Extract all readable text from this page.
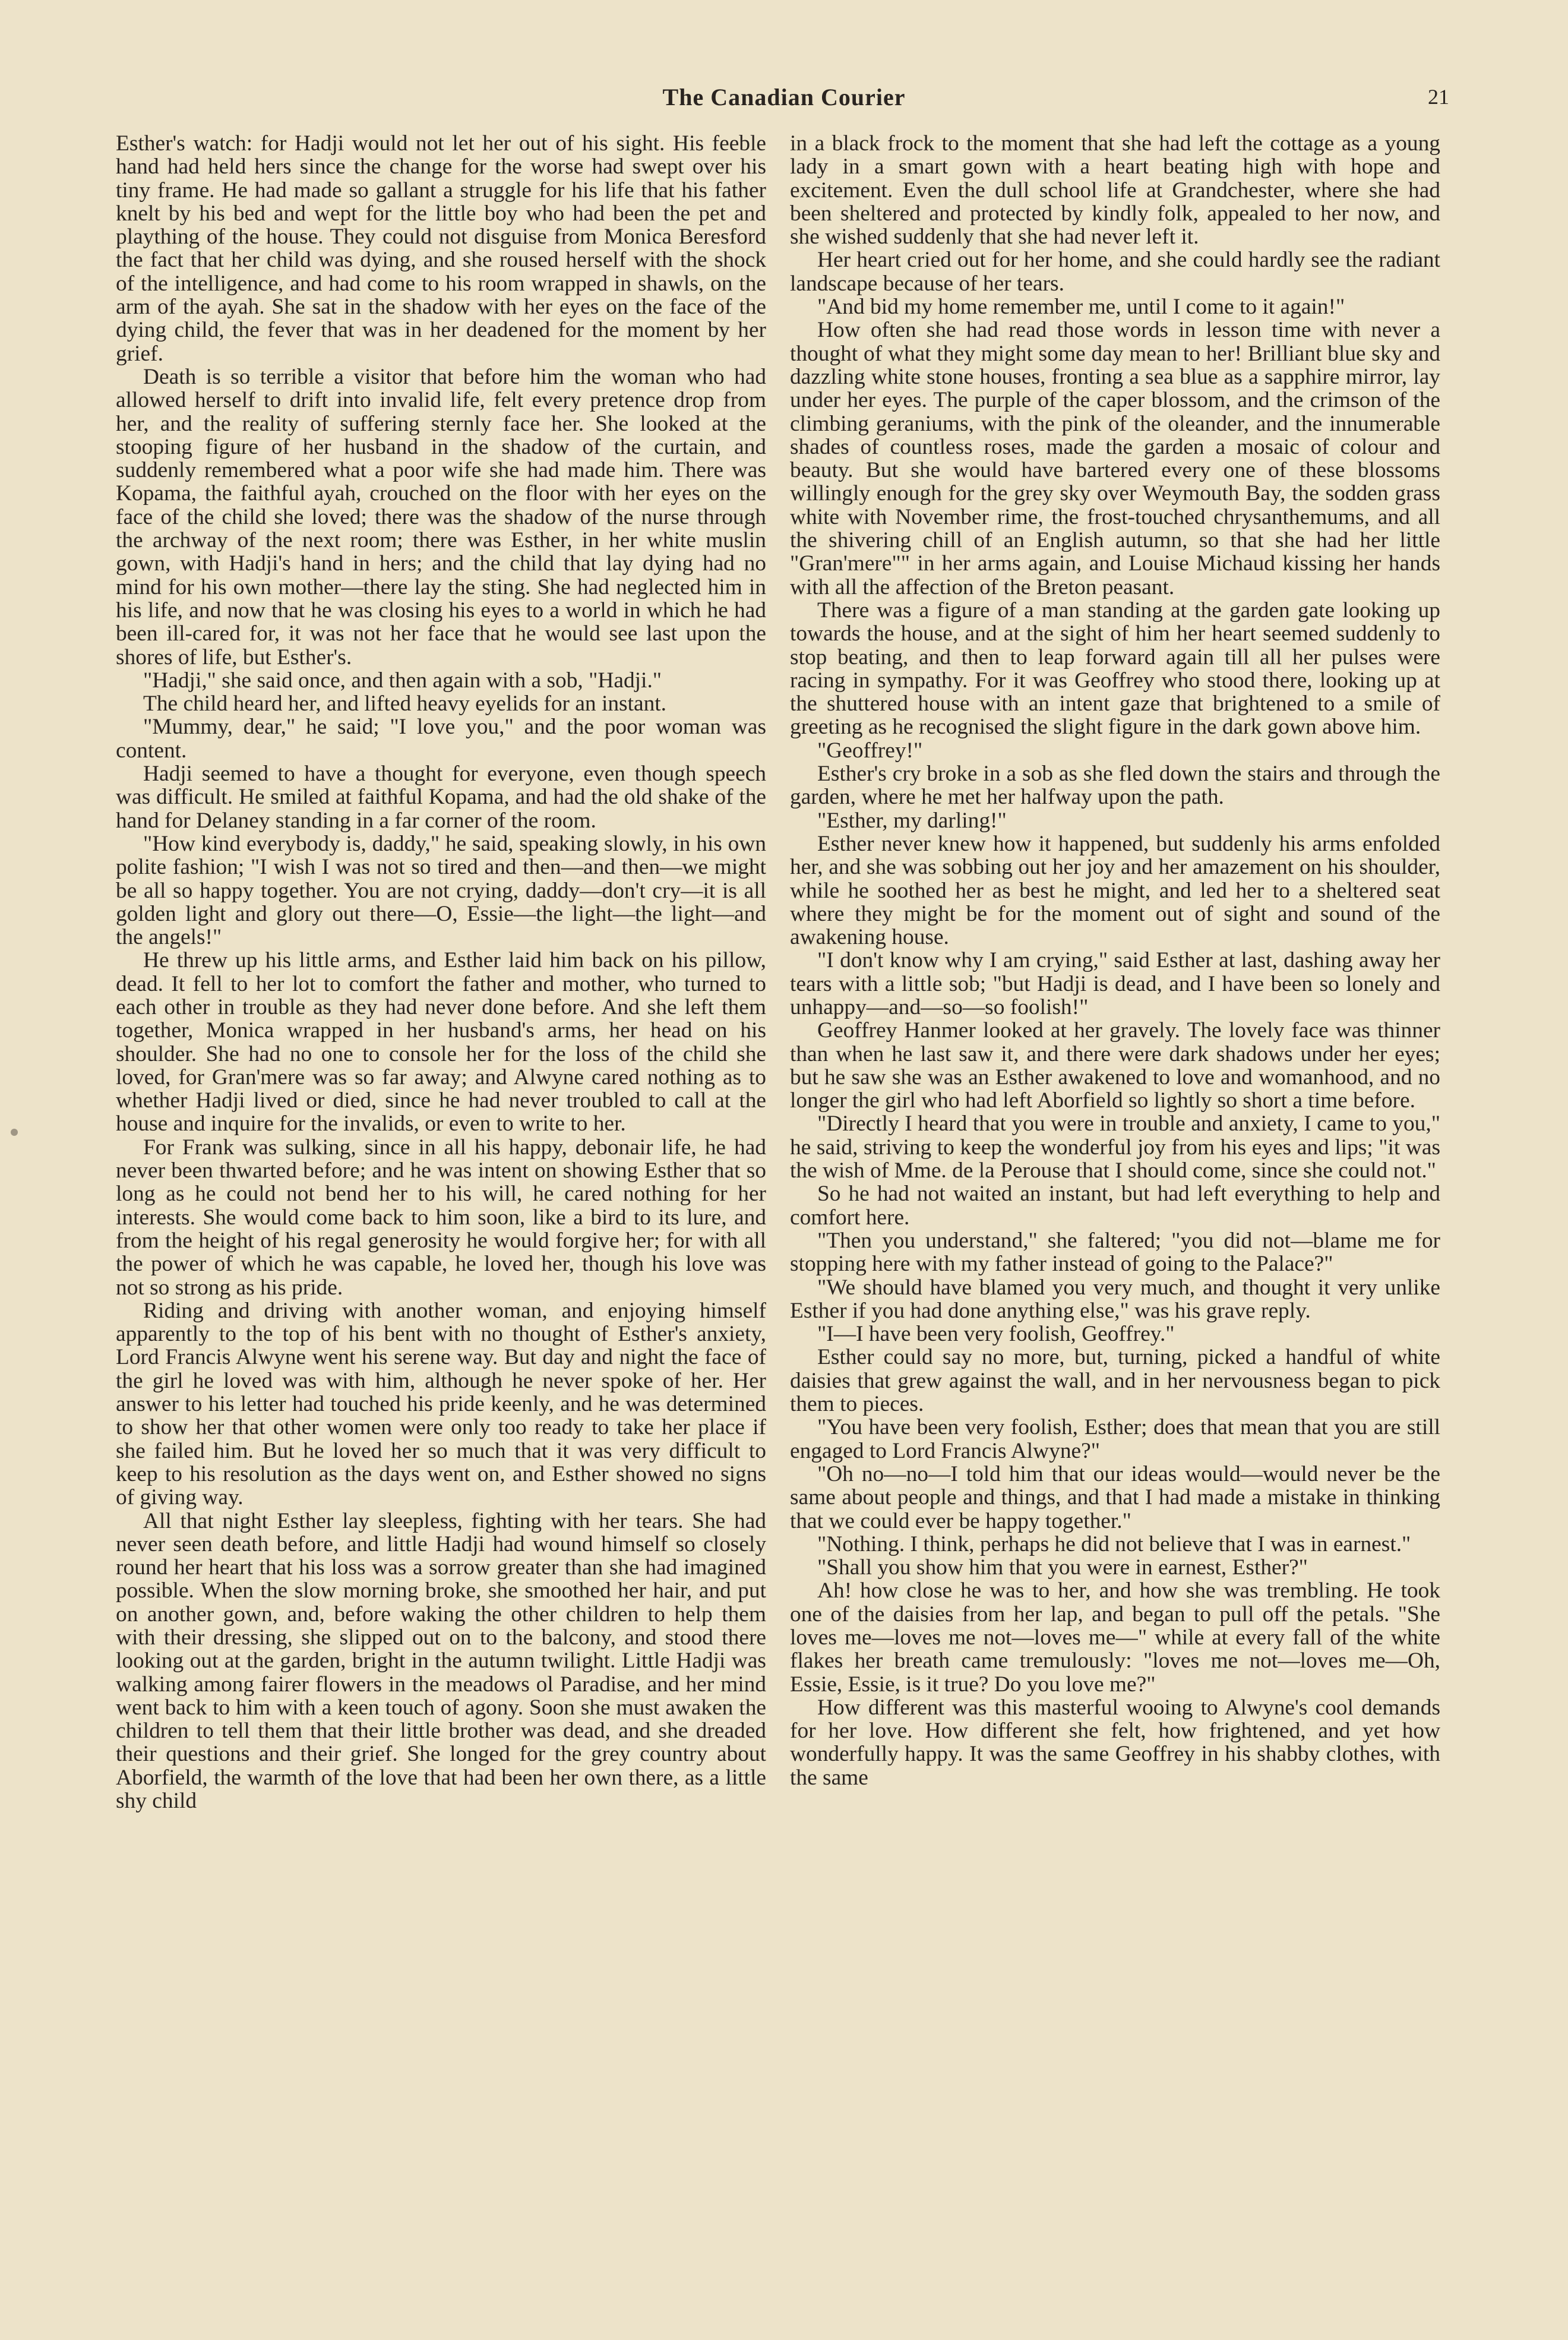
The Canadian Courier	21

Esther's watch: for Hadji would not let her out of his sight. His feeble hand had held hers since the change for the worse had swept over his tiny frame. He had made so gallant a struggle for his life that his father knelt by his bed and wept for the little boy who had been the pet and plaything of the house. They could not disguise from Monica Beresford the fact that her child was dying, and she roused herself with the shock of the intelligence, and had come to his room wrapped in shawls, on the arm of the ayah. She sat in the shadow with her eyes on the face of the dying child, the fever that was in her deadened for the moment by her grief.

Death is so terrible a visitor that before him the woman who had allowed herself to drift into invalid life, felt every pretence drop from her, and the reality of suffering sternly face her. She looked at the stooping figure of her husband in the shadow of the curtain, and suddenly remembered what a poor wife she had made him. There was Kopama, the faithful ayah, crouched on the floor with her eyes on the face of the child she loved; there was the shadow of the nurse through the archway of the next room; there was Esther, in her white muslin gown, with Hadji's hand in hers; and the child that lay dying had no mind for his own mother—there lay the sting. She had neglected him in his life, and now that he was closing his eyes to a world in which he had been ill-cared for, it was not her face that he would see last upon the shores of life, but Esther's.

"Hadji," she said once, and then again with a sob, "Hadji."

The child heard her, and lifted heavy eyelids for an instant.

"Mummy, dear," he said; "I love you," and the poor woman was content.

Hadji seemed to have a thought for everyone, even though speech was difficult. He smiled at faithful Kopama, and had the old shake of the hand for Delaney standing in a far corner of the room.

"How kind everybody is, daddy," he said, speaking slowly, in his own polite fashion; "I wish I was not so tired and then—and then—we might be all so happy together. You are not crying, daddy—don't cry—it is all golden light and glory out there—O, Essie—the light—the light—and the angels!"

He threw up his little arms, and Esther laid him back on his pillow, dead. It fell to her lot to comfort the father and mother, who turned to each other in trouble as they had never done before. And she left them together, Monica wrapped in her husband's arms, her head on his shoulder. She had no one to console her for the loss of the child she loved, for Gran'mere was so far away; and Alwyne cared nothing as to whether Hadji lived or died, since he had never troubled to call at the house and inquire for the invalids, or even to write to her.

For Frank was sulking, since in all his happy, debonair life, he had never been thwarted before; and he was intent on showing Esther that so long as he could not bend her to his will, he cared nothing for her interests. She would come back to him soon, like a bird to its lure, and from the height of his regal generosity he would forgive her; for with all the power of which he was capable, he loved her, though his love was not so strong as his pride.

Riding and driving with another woman, and enjoying himself apparently to the top of his bent with no thought of Esther's anxiety, Lord Francis Alwyne went his serene way. But day and night the face of the girl he loved was with him, although he never spoke of her. Her answer to his letter had touched his pride keenly, and he was determined to show her that other women were only too ready to take her place if she failed him. But he loved her so much that it was very difficult to keep to his resolution as the days went on, and Esther showed no signs of giving way.

All that night Esther lay sleepless, fighting with her tears. She had never seen death before, and little Hadji had wound himself so closely round her heart that his loss was a sorrow greater than she had imagined possible. When the slow morning broke, she smoothed her hair, and put on another gown, and, before waking the other children to help them with their dressing, she slipped out on to the balcony, and stood there looking out at the garden, bright in the autumn twilight. Little Hadji was walking among fairer flowers in the meadows ol Paradise, and her mind went back to him with a keen touch of agony. Soon she must awaken the children to tell them that their little brother was dead, and she dreaded their questions and their grief. She longed for the grey country about Aborfield, the warmth of the love that had been her own there, as a little shy child

in a black frock to the moment that she had left the cottage as a young lady in a smart gown with a heart beating high with hope and excitement. Even the dull school life at Grandchester, where she had been sheltered and protected by kindly folk, appealed to her now, and she wished suddenly that she had never left it.

Her heart cried out for her home, and she could hardly see the radiant landscape because of her tears.

"And bid my home remember me, until I come to it again!"

How often she had read those words in lesson time with never a thought of what they might some day mean to her! Brilliant blue sky and dazzling white stone houses, fronting a sea blue as a sapphire mirror, lay under her eyes. The purple of the caper blossom, and the crimson of the climbing geraniums, with the pink of the oleander, and the innumerable shades of countless roses, made the garden a mosaic of colour and beauty. But she would have bartered every one of these blossoms willingly enough for the grey sky over Weymouth Bay, the sodden grass white with November rime, the frost-touched chrysanthemums, and all the shivering chill of an English autumn, so that she had her little "Gran'mere"" in her arms again, and Louise Michaud kissing her hands with all the affection of the Breton peasant.

There was a figure of a man standing at the garden gate looking up towards the house, and at the sight of him her heart seemed suddenly to stop beating, and then to leap forward again till all her pulses were racing in sympathy. For it was Geoffrey who stood there, looking up at the shuttered house with an intent gaze that brightened to a smile of greeting as he recognised the slight figure in the dark gown above him.

"Geoffrey!"

Esther's cry broke in a sob as she fled down the stairs and through the garden, where he met her halfway upon the path.

"Esther, my darling!"

Esther never knew how it happened, but suddenly his arms enfolded her, and she was sobbing out her joy and her amazement on his shoulder, while he soothed her as best he might, and led her to a sheltered seat where they might be for the moment out of sight and sound of the awakening house.

"I don't know why I am crying," said Esther at last, dashing away her tears with a little sob; "but Hadji is dead, and I have been so lonely and unhappy—and—so—so foolish!"

Geoffrey Hanmer looked at her gravely. The lovely face was thinner than when he last saw it, and there were dark shadows under her eyes; but he saw she was an Esther awakened to love and womanhood, and no longer the girl who had left Aborfield so lightly so short a time before.

"Directly I heard that you were in trouble and anxiety, I came to you," he said, striving to keep the wonderful joy from his eyes and lips; "it was the wish of Mme. de la Perouse that I should come, since she could not."

So he had not waited an instant, but had left everything to help and comfort here.

"Then you understand," she faltered; "you did not—blame me for stopping here with my father instead of going to the Palace?"

"We should have blamed you very much, and thought it very unlike Esther if you had done anything else," was his grave reply.

"I—I have been very foolish, Geoffrey."

Esther could say no more, but, turning, picked a handful of white daisies that grew against the wall, and in her nervousness began to pick them to pieces.

"You have been very foolish, Esther; does that mean that you are still engaged to Lord Francis Alwyne?"

"Oh no—no—I told him that our ideas would—would never be the same about people and things, and that I had made a mistake in thinking that we could ever be happy together."

"Nothing. I think, perhaps he did not believe that I was in earnest."

"Shall you show him that you were in earnest, Esther?"

Ah! how close he was to her, and how she was trembling. He took one of the daisies from her lap, and began to pull off the petals. "She loves me—loves me not—loves me—" while at every fall of the white flakes her breath came tremulously: "loves me not—loves me—Oh, Essie, Essie, is it true? Do you love me?"

How different was this masterful wooing to Alwyne's cool demands for her love. How different she felt, how frightened, and yet how wonderfully happy. It was the same Geoffrey in his shabby clothes, with the same
